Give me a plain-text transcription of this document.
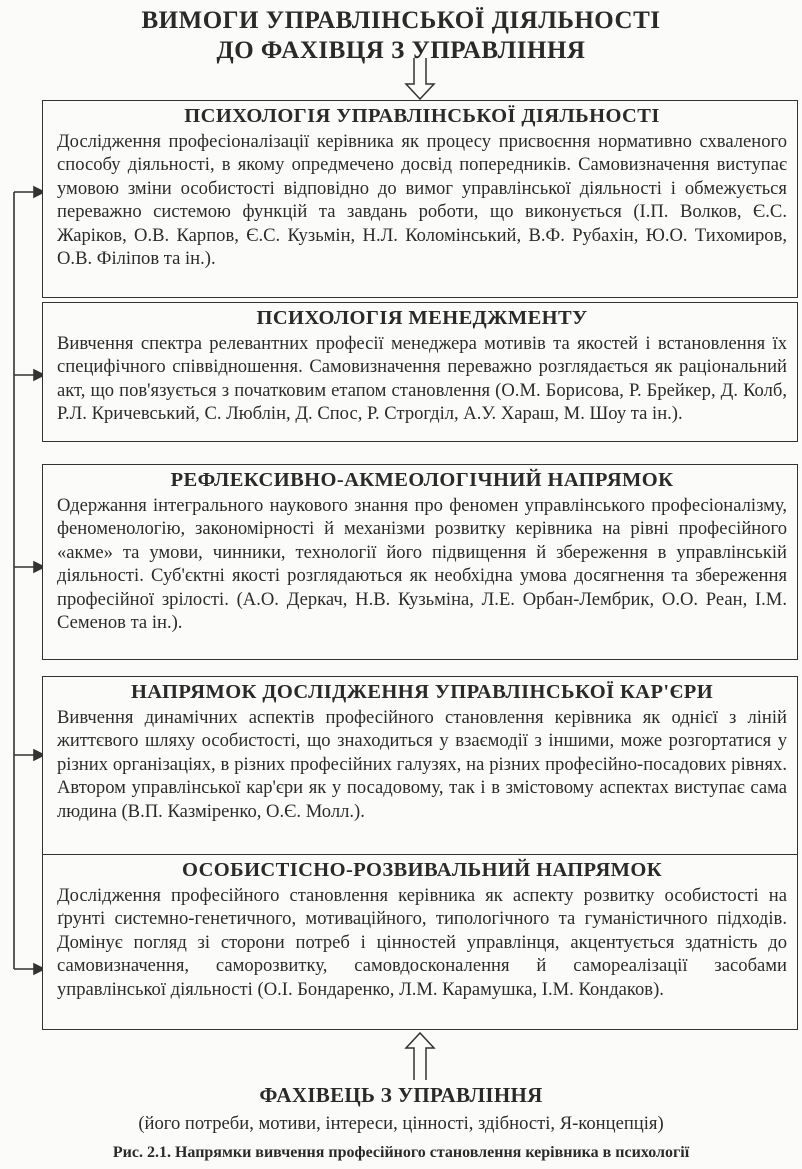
ВИМОГИ УПРАВЛІНСЬКОЇ ДІЯЛЬНОСТІ
ДО ФАХІВЦЯ З УПРАВЛІННЯ
ПСИХОЛОГІЯ УПРАВЛІНСЬКОЇ ДІЯЛЬНОСТІ
Дослідження професіоналізації керівника як процесу присвоєння нормативно схваленого способу діяльності, в якому опредмечено досвід попередників. Самовизначення виступає умовою зміни особистості відповідно до вимог управлінської діяльності і обмежується переважно системою функцій та завдань роботи, що виконується (І.П. Волков, Є.С. Жаріков, О.В. Карпов, Є.С. Кузьмін, Н.Л. Коломінський, В.Ф. Рубахін, Ю.О. Тихомиров, О.В. Філіпов та ін.).
ПСИХОЛОГІЯ МЕНЕДЖМЕНТУ
Вивчення спектра релевантних професії менеджера мотивів та якостей і встановлення їх специфічного співвідношення. Самовизначення переважно розглядається як раціональний акт, що пов'язується з початковим етапом становлення (О.М. Борисова, Р. Брейкер, Д. Колб, Р.Л. Кричевський, С. Люблін, Д. Спос, Р. Строгділ, А.У. Хараш, М. Шоу та ін.).
РЕФЛЕКСИВНО-АКМЕОЛОГІЧНИЙ НАПРЯМОК
Одержання інтегрального наукового знання про феномен управлінського професіоналізму, феноменологію, закономірності й механізми розвитку керівника на рівні професійного «акме» та умови, чинники, технології його підвищення й збереження в управлінській діяльності. Суб'єктні якості розглядаються як необхідна умова досягнення та збереження професійної зрілості. (А.О. Деркач, Н.В. Кузьміна, Л.Е. Орбан-Лембрик, О.О. Реан, І.М. Семенов та ін.).
НАПРЯМОК ДОСЛІДЖЕННЯ УПРАВЛІНСЬКОЇ КАР'ЄРИ
Вивчення динамічних аспектів професійного становлення керівника як однієї з ліній життєвого шляху особистості, що знаходиться у взаємодії з іншими, може розгортатися у різних організаціях, в різних професійних галузях, на різних професійно-посадових рівнях. Автором управлінської кар'єри як у посадовому, так і в змістовому аспектах виступає сама людина (В.П. Казміренко, О.Є. Молл.).
ОСОБИСТІСНО-РОЗВИВАЛЬНИЙ НАПРЯМОК
Дослідження професійного становлення керівника як аспекту розвитку особистості на ґрунті системно-генетичного, мотиваційного, типологічного та гуманістичного підходів. Домінує погляд зі сторони потреб і цінностей управлінця, акцентується здатність до самовизначення, саморозвитку, самовдосконалення й самореалізації засобами управлінської діяльності (О.І. Бондаренко, Л.М. Карамушка, І.М. Кондаков).
ФАХІВЕЦЬ З УПРАВЛІННЯ
(його потреби, мотиви, інтереси, цінності, здібності, Я-концепція)
Рис. 2.1. Напрямки вивчення професійного становлення керівника в психології
